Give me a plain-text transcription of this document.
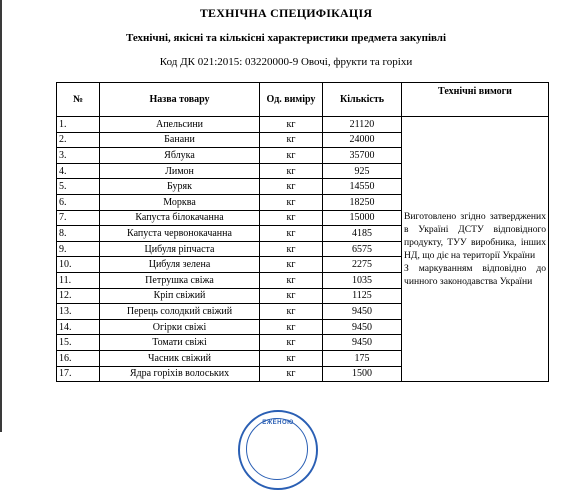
ТЕХНІЧНА СПЕЦИФІКАЦІЯ
Технічні, якісні та кількісні характеристики предмета закупівлі
Код ДК 021:2015: 03220000-9 Овочі, фрукти та горіхи
№	Назва товару	Од. виміру	Кількість	Технічні вимоги
1.	Апельсини	кг	21120	Виготовлено згідно затверджених в Україні ДСТУ відповідного продукту, ТУУ виробника, інших НД, що діє на території України
З маркуванням відповідно до чинного законодавства України

2.	Банани	кг	24000	
3.	Яблука	кг	35700	
4.	Лимон	кг	925	
5.	Буряк	кг	14550	
6.	Морква	кг	18250	
7.	Капуста білокачанна	кг	15000	
8.	Капуста червонокачанна	кг	4185	
9.	Цибуля ріпчаста	кг	6575	
10.	Цибуля зелена	кг	2275	
11.	Петрушка свіжа	кг	1035	
12.	Кріп свіжий	кг	1125	
13.	Перець солодкий свіжий	кг	9450	
14.	Огірки свіжі	кг	9450	
15.	Томати свіжі	кг	9450	
16.	Часник свіжий	кг	175	
17.	Ядра горіхів волоських	кг	1500	
ЕЖЕНОЮ
